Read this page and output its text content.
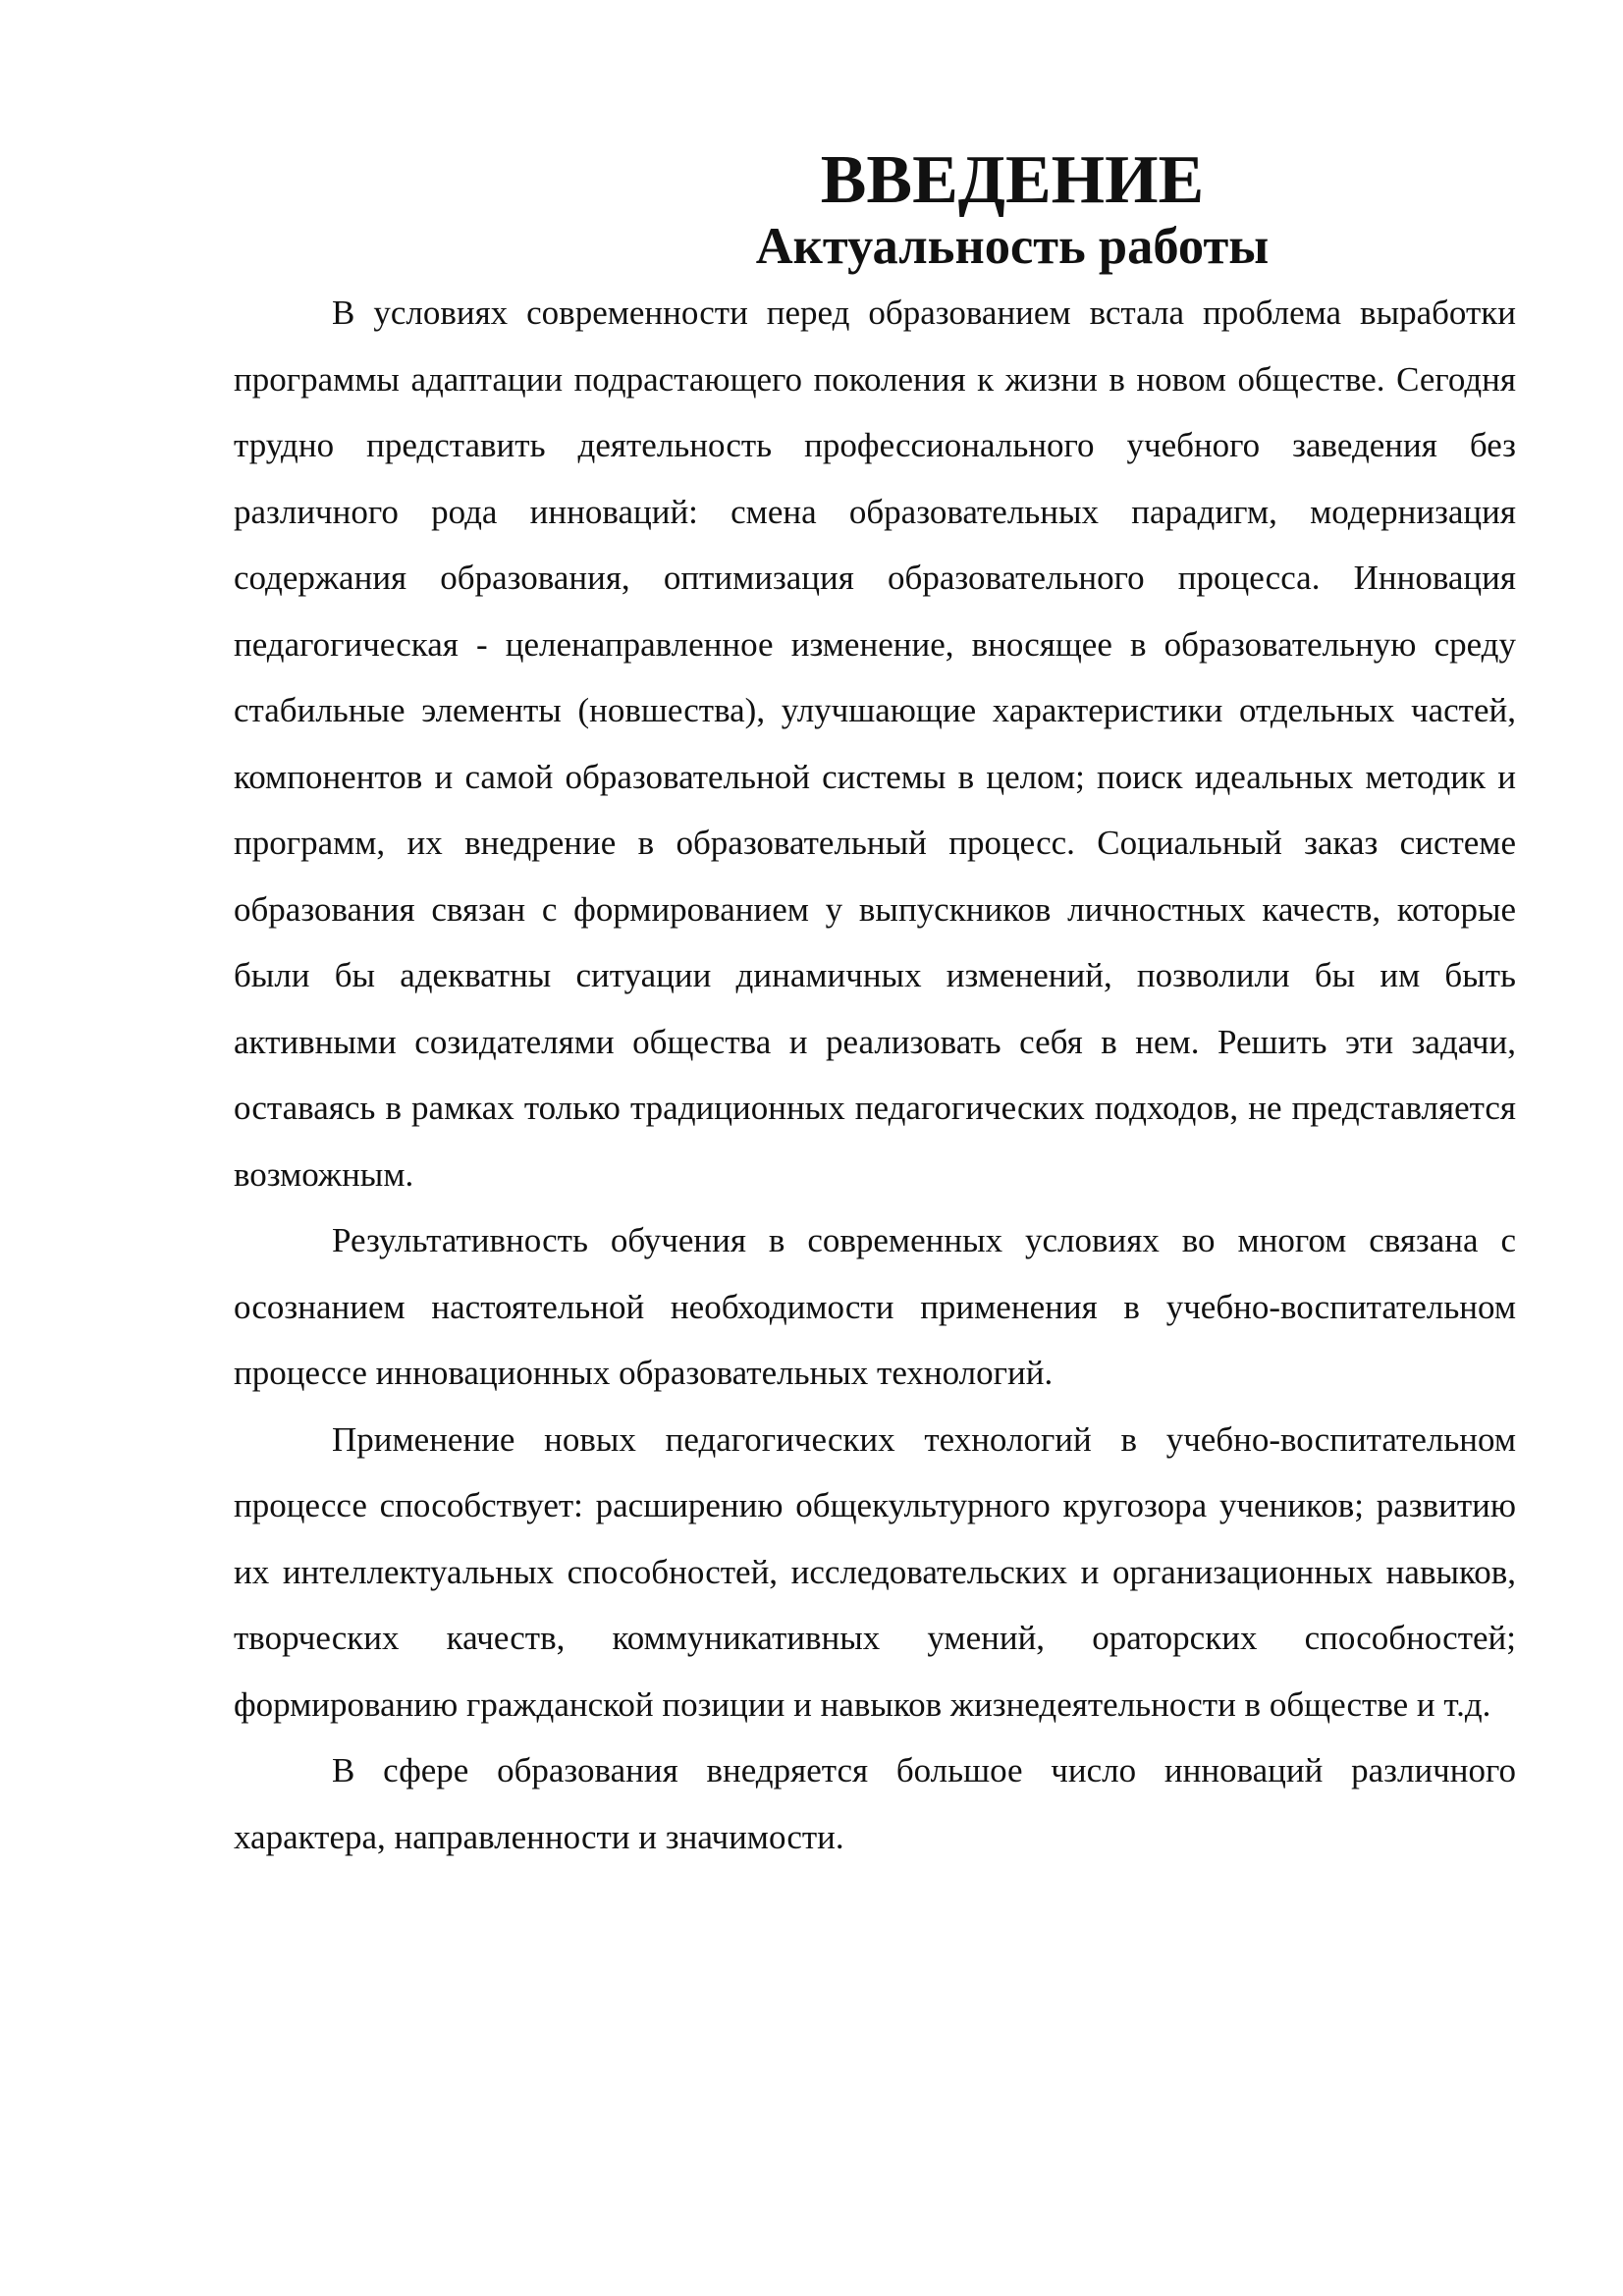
ВВЕДЕНИЕ
Актуальность работы

В условиях современности перед образованием встала проблема выработки программы адаптации подрастающего поколения к жизни в новом обществе. Сегодня трудно представить деятельность профессионального учебного заведения без различного рода инноваций: смена образовательных парадигм, модернизация содержания образования, оптимизация образовательного процесса. Инновация педагогическая - целенаправленное изменение, вносящее в образовательную среду стабильные элементы (новшества), улучшающие характеристики отдельных частей, компонентов и самой образовательной системы в целом; поиск идеальных методик и программ, их внедрение в образовательный процесс. Социальный заказ системе образования связан с формированием у выпускников личностных качеств, которые были бы адекватны ситуации динамичных изменений, позволили бы им быть активными созидателями общества и реализовать себя в нем. Решить эти задачи, оставаясь в рамках только традиционных педагогических подходов, не представляется возможным.

Результативность обучения в современных условиях во многом связана с осознанием настоятельной необходимости применения в учебно-воспитательном процессе инновационных образовательных технологий.

Применение новых педагогических технологий в учебно-воспитательном процессе способствует: расширению общекультурного кругозора учеников; развитию их интеллектуальных способностей, исследовательских и организационных навыков, творческих качеств, коммуникативных умений, ораторских способностей; формированию гражданской позиции и навыков жизнедеятельности в обществе и т.д.

В сфере образования внедряется большое число инноваций различного характера, направленности и значимости.
